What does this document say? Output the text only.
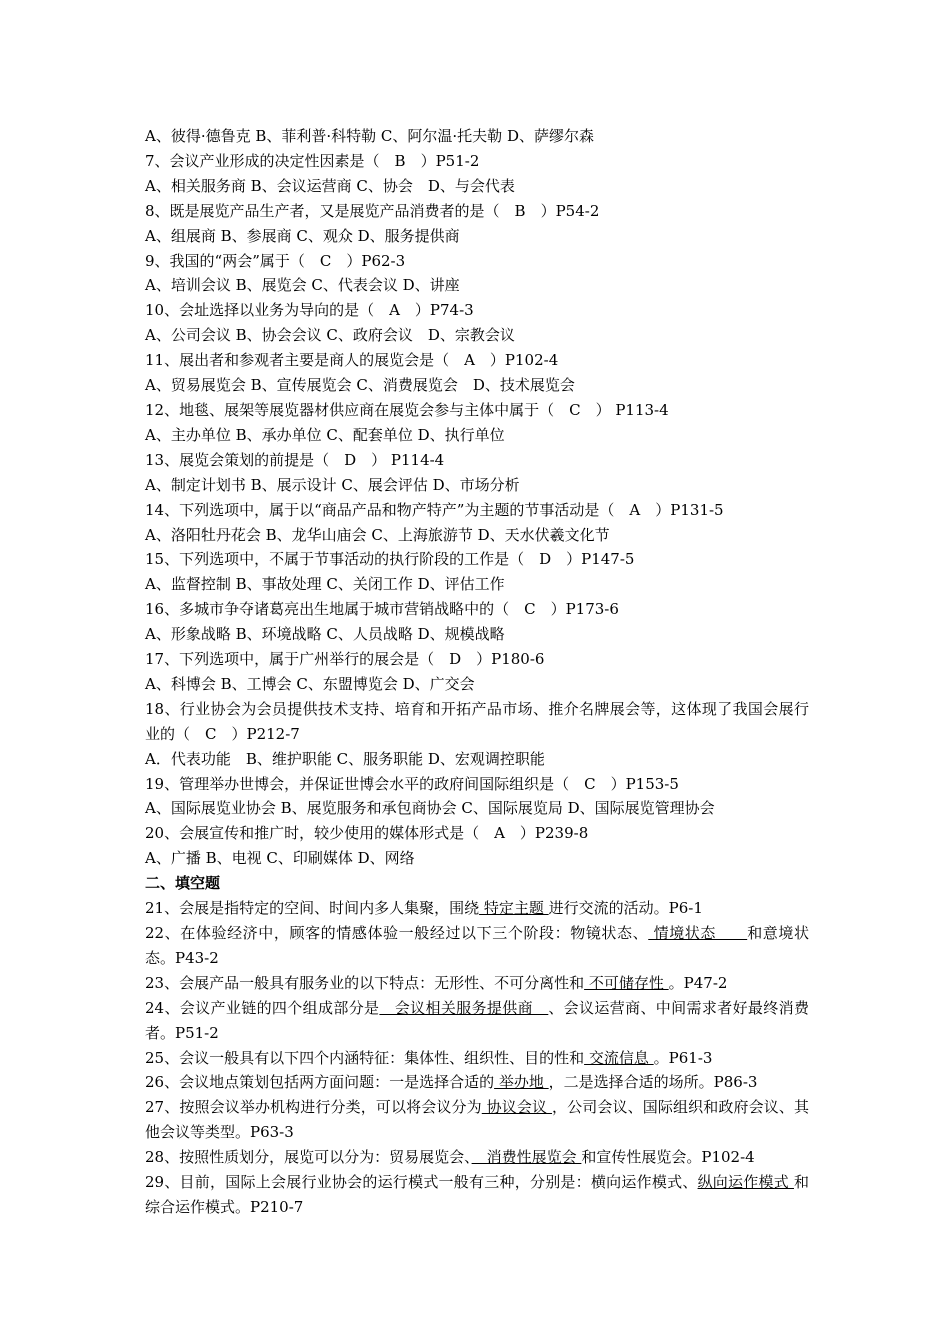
A、彼得·德鲁克 B、菲利普·科特勒 C、阿尔温·托夫勒 D、萨缪尔森
7、会议产业形成的决定性因素是（　B　）P51-2
A、相关服务商 B、会议运营商 C、协会　D、与会代表
8、既是展览产品生产者，又是展览产品消费者的是（　B　）P54-2
A、组展商 B、参展商 C、观众 D、服务提供商
9、我国的“两会”属于（　C　）P62-3
A、培训会议 B、展览会 C、代表会议 D、讲座
10、会址选择以业务为导向的是（　A　）P74-3
A、公司会议 B、协会会议 C、政府会议　D、宗教会议
11、展出者和参观者主要是商人的展览会是（　A　）P102-4
A、贸易展览会 B、宣传展览会 C、消费展览会　D、技术展览会
12、地毯、展架等展览器材供应商在展览会参与主体中属于（　C　） P113-4
A、主办单位 B、承办单位 C、配套单位 D、执行单位
13、展览会策划的前提是（　D　） P114-4
A、制定计划书 B、展示设计 C、展会评估 D、市场分析
14、下列选项中，属于以“商品产品和物产特产”为主题的节事活动是（　A　）P131-5
A、洛阳牡丹花会 B、龙华山庙会 C、上海旅游节 D、天水伏羲文化节
15、下列选项中，不属于节事活动的执行阶段的工作是（　D　）P147-5
A、监督控制 B、事故处理 C、关闭工作 D、评估工作
16、多城市争夺诸葛亮出生地属于城市营销战略中的（　C　）P173-6
A、形象战略 B、环境战略 C、人员战略 D、规模战略
17、下列选项中，属于广州举行的展会是（　D　）P180-6
A、科博会 B、工博会 C、东盟博览会 D、广交会
18、行业协会为会员提供技术支持、培育和开拓产品市场、推介名牌展会等，这体现了我国会展行业的（　C　）P212-7
A．代表功能　B、维护职能 C、服务职能 D、宏观调控职能
19、管理举办世博会，并保证世博会水平的政府间国际组织是（　C　）P153-5
A、国际展览业协会 B、展览服务和承包商协会 C、国际展览局 D、国际展览管理协会
20、会展宣传和推广时，较少使用的媒体形式是（　A　）P239-8
A、广播 B、电视 C、印刷媒体 D、网络
二、填空题
21、会展是指特定的空间、时间内多人集聚，围绕 特定主题 进行交流的活动。P6-1
22、在体验经济中，顾客的情感体验一般经过以下三个阶段：物镜状态、 情境状态　　和意境状态。P43-2
23、会展产品一般具有服务业的以下特点：无形性、不可分离性和 不可储存性 。P47-2
24、会议产业链的四个组成部分是　会议相关服务提供商　、会议运营商、中间需求者好最终消费者。P51-2
25、会议一般具有以下四个内涵特征：集体性、组织性、目的性和 交流信息 。P61-3
26、会议地点策划包括两方面问题：一是选择合适的 举办地 ，二是选择合适的场所。P86-3
27、按照会议举办机构进行分类，可以将会议分为 协议会议 ，公司会议、国际组织和政府会议、其他会议等类型。P63-3
28、按照性质划分，展览可以分为：贸易展览会、　消费性展览会 和宣传性展览会。P102-4
29、目前，国际上会展行业协会的运行模式一般有三种，分别是：横向运作模式、纵向运作模式 和综合运作模式。P210-7
